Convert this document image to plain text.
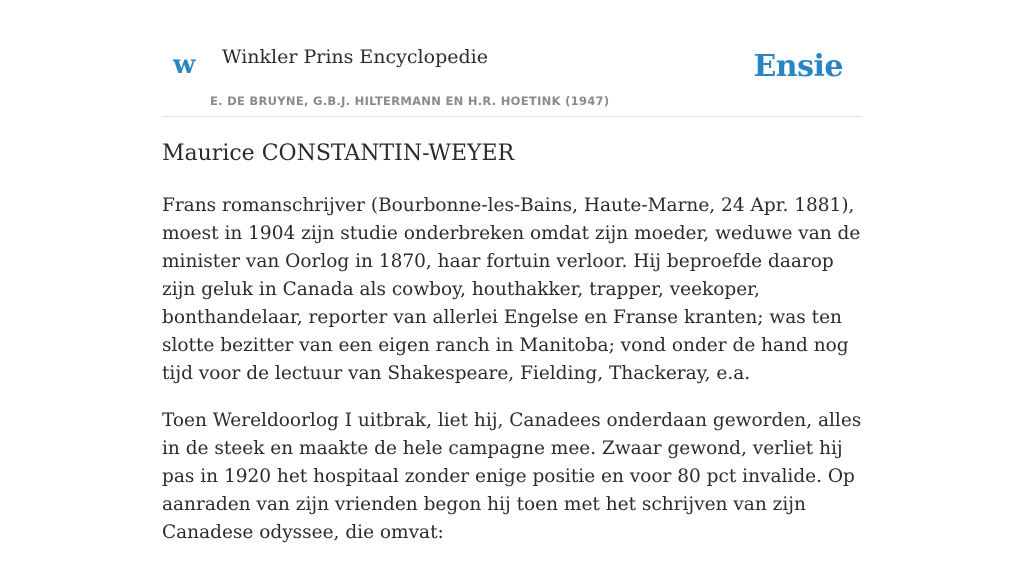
w Winkler Prins Encyclopedie
E. DE BRUYNE, G.B.J. HILTERMANN EN H.R. HOETINK (1947)
Ensie
Maurice CONSTANTIN-WEYER

Frans romanschrijver (Bourbonne-les-Bains, Haute-Marne, 24 Apr. 1881), moest in 1904 zijn studie onderbreken omdat zijn moeder, weduwe van de minister van Oorlog in 1870, haar fortuin verloor. Hij beproefde daarop zijn geluk in Canada als cowboy, houthakker, trapper, veekoper, bonthandelaar, reporter van allerlei Engelse en Franse kranten; was ten slotte bezitter van een eigen ranch in Manitoba; vond onder de hand nog tijd voor de lectuur van Shakespeare, Fielding, Thackeray, e.a.

Toen Wereldoorlog I uitbrak, liet hij, Canadees onderdaan geworden, alles in de steek en maakte de hele campagne mee. Zwaar gewond, verliet hij pas in 1920 het hospitaal zonder enige positie en voor 80 pct invalide. Op aanraden van zijn vrienden begon hij toen met het schrijven van zijn Canadese odyssee, die omvat:
